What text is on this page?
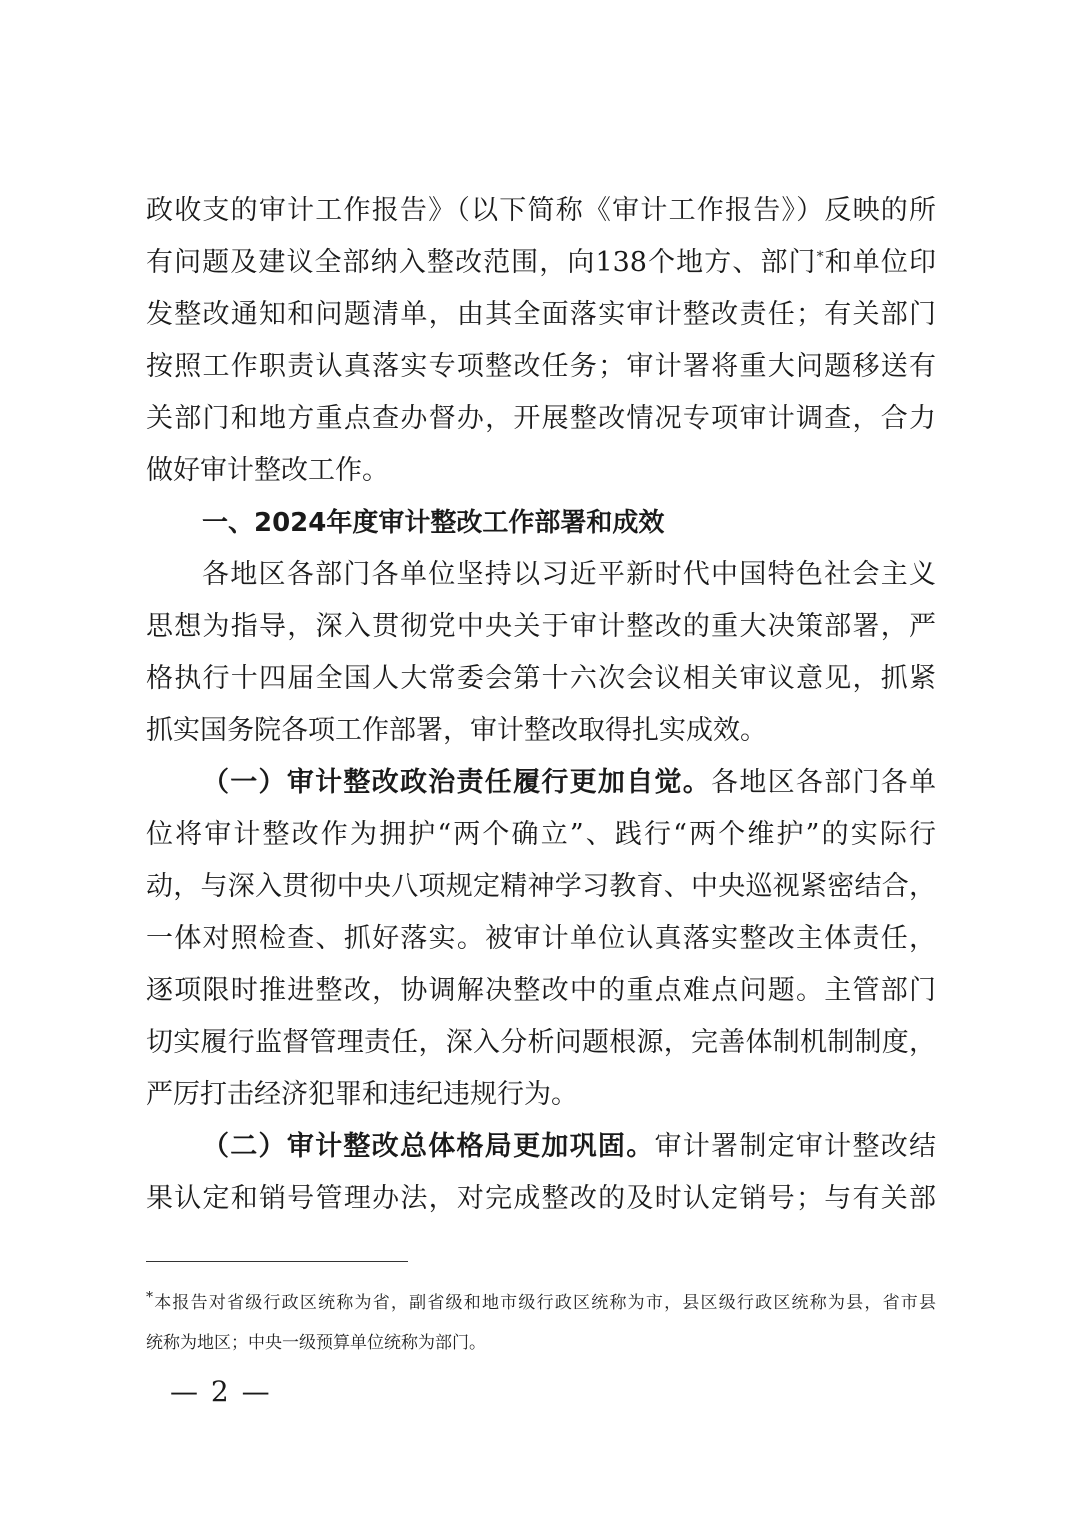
政收支的审计工作报告》（以下简称《审计工作报告》）反映的所
有问题及建议全部纳入整改范围，向138个地方、部门*和单位印
发整改通知和问题清单，由其全面落实审计整改责任；有关部门
按照工作职责认真落实专项整改任务；审计署将重大问题移送有
关部门和地方重点查办督办，开展整改情况专项审计调查，合力
做好审计整改工作。
一、2024年度审计整改工作部署和成效
各地区各部门各单位坚持以习近平新时代中国特色社会主义
思想为指导，深入贯彻党中央关于审计整改的重大决策部署，严
格执行十四届全国人大常委会第十六次会议相关审议意见，抓紧
抓实国务院各项工作部署，审计整改取得扎实成效。
（一）审计整改政治责任履行更加自觉。各地区各部门各单
位将审计整改作为拥护“两个确立”、践行“两个维护”的实际行
动，与深入贯彻中央八项规定精神学习教育、中央巡视紧密结合，
一体对照检查、抓好落实。被审计单位认真落实整改主体责任，
逐项限时推进整改，协调解决整改中的重点难点问题。主管部门
切实履行监督管理责任，深入分析问题根源，完善体制机制制度，
严厉打击经济犯罪和违纪违规行为。
（二）审计整改总体格局更加巩固。审计署制定审计整改结
果认定和销号管理办法，对完成整改的及时认定销号；与有关部
*本报告对省级行政区统称为省，副省级和地市级行政区统称为市，县区级行政区统称为县，省市县
统称为地区；中央一级预算单位统称为部门。
— 2 —
